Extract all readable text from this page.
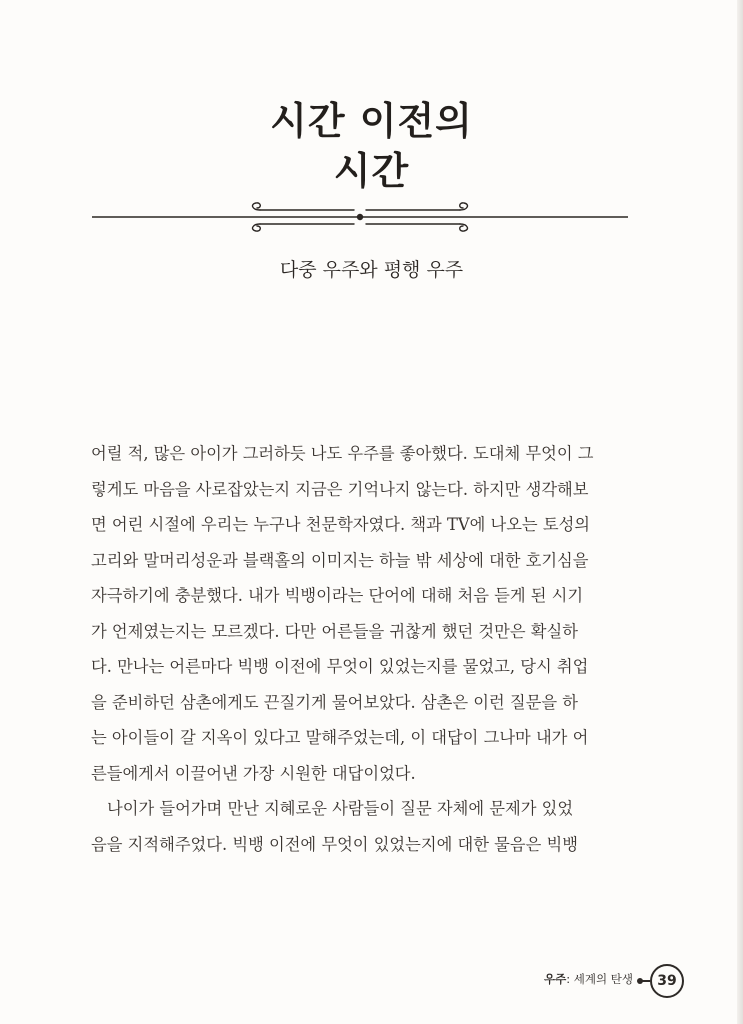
시간 이전의
시간
다중 우주와 평행 우주
어릴 적, 많은 아이가 그러하듯 나도 우주를 좋아했다. 도대체 무엇이 그
렇게도 마음을 사로잡았는지 지금은 기억나지 않는다. 하지만 생각해보
면 어린 시절에 우리는 누구나 천문학자였다. 책과 TV에 나오는 토성의
고리와 말머리성운과 블랙홀의 이미지는 하늘 밖 세상에 대한 호기심을
자극하기에 충분했다. 내가 빅뱅이라는 단어에 대해 처음 듣게 된 시기
가 언제였는지는 모르겠다. 다만 어른들을 귀찮게 했던 것만은 확실하
다. 만나는 어른마다 빅뱅 이전에 무엇이 있었는지를 물었고, 당시 취업
을 준비하던 삼촌에게도 끈질기게 물어보았다. 삼촌은 이런 질문을 하
는 아이들이 갈 지옥이 있다고 말해주었는데, 이 대답이 그나마 내가 어
른들에게서 이끌어낸 가장 시원한 대답이었다.
나이가 들어가며 만난 지혜로운 사람들이 질문 자체에 문제가 있었
음을 지적해주었다. 빅뱅 이전에 무엇이 있었는지에 대한 물음은 빅뱅
우주: 세계의 탄생	39
